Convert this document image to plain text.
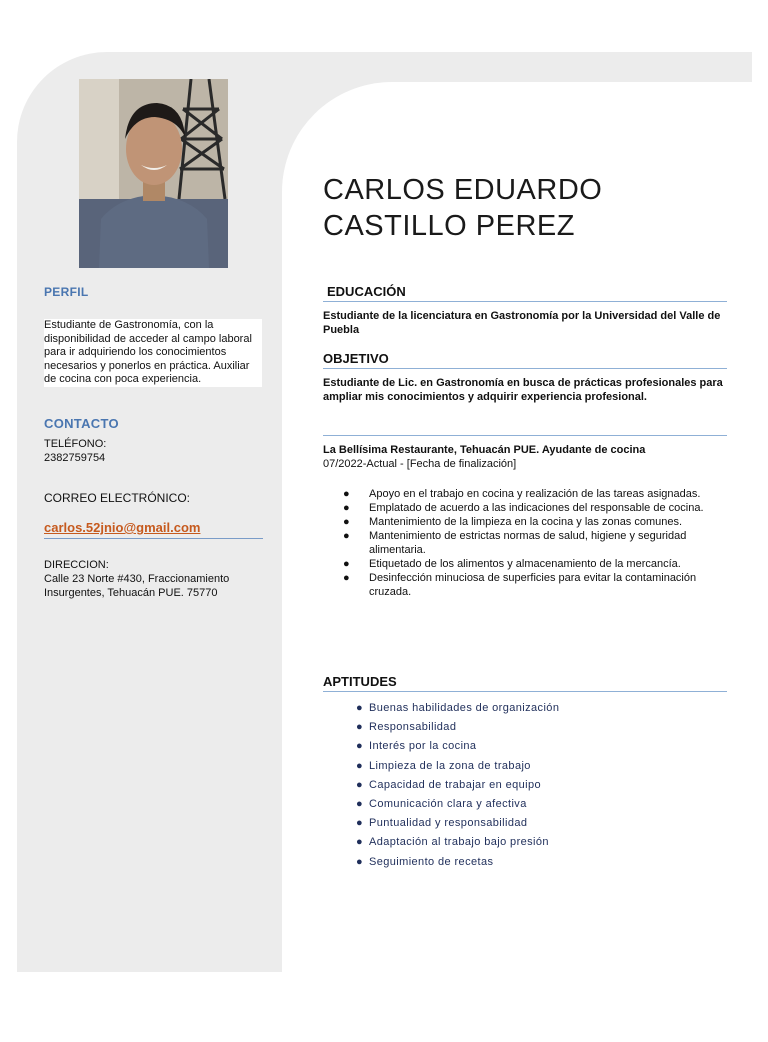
CARLOS EDUARDO
CASTILLO PEREZ
PERFIL
Estudiante de Gastronomía, con la disponibilidad de acceder al campo laboral para ir adquiriendo los conocimientos necesarios y ponerlos en práctica. Auxiliar de cocina con poca experiencia.
CONTACTO
TELÉFONO:
2382759754
CORREO ELECTRÓNICO:
carlos.52jnio@gmail.com
DIRECCION:
Calle 23 Norte #430, Fraccionamiento Insurgentes, Tehuacán PUE. 75770
EDUCACIÓN
Estudiante de la licenciatura en Gastronomía por la Universidad del Valle de Puebla
OBJETIVO
Estudiante de Lic. en Gastronomía en busca de prácticas profesionales para ampliar mis conocimientos y adquirir experiencia profesional.
La Bellísima Restaurante, Tehuacán PUE. Ayudante de cocina
07/2022-Actual - [Fecha de finalización]
● Apoyo en el trabajo en cocina y realización de las tareas asignadas.
● Emplatado de acuerdo a las indicaciones del responsable de cocina.
● Mantenimiento de la limpieza en la cocina y las zonas comunes.
● Mantenimiento de estrictas normas de salud, higiene y seguridad alimentaria.
● Etiquetado de los alimentos y almacenamiento de la mercancía.
● Desinfección minuciosa de superficies para evitar la contaminación cruzada.
APTITUDES
● Buenas habilidades de organización
● Responsabilidad
● Interés por la cocina
● Limpieza de la zona de trabajo
● Capacidad de trabajar en equipo
● Comunicación clara y afectiva
● Puntualidad y responsabilidad
● Adaptación al trabajo bajo presión
● Seguimiento de recetas
